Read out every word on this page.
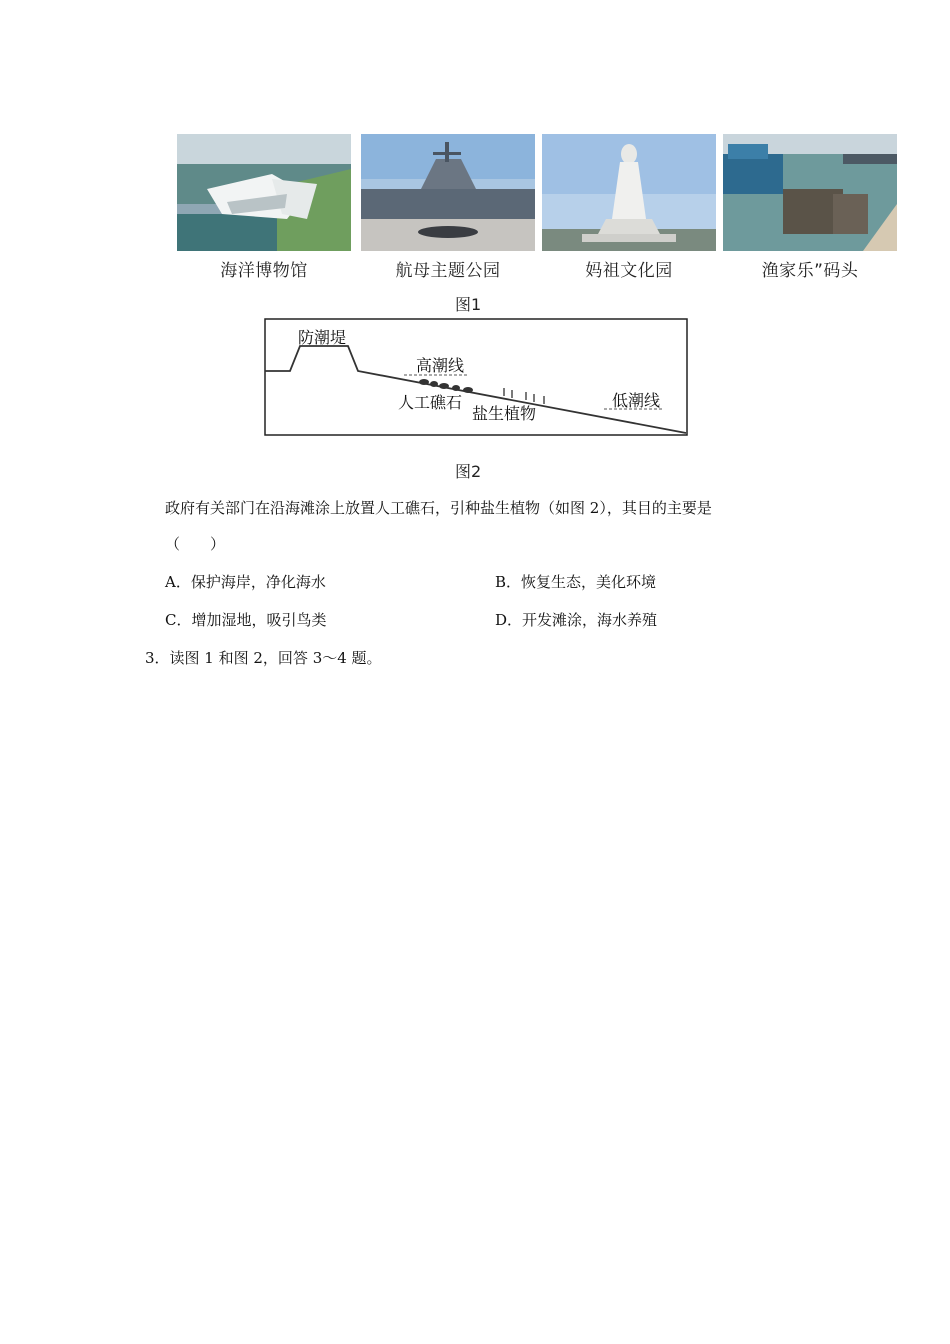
海洋博物馆	航母主题公园	妈祖文化园	渔家乐”码头
图1
防潮堤
高潮线
人工礁石
盐生植物
低潮线
图2
政府有关部门在沿海滩涂上放置人工礁石，引种盐生植物（如图 2），其目的主要是
（　　）
A．保护海岸，净化海水	B．恢复生态，美化环境
C．增加湿地，吸引鸟类	D．开发滩涂，海水养殖
3．读图 1 和图 2，回答 3～4 题。
